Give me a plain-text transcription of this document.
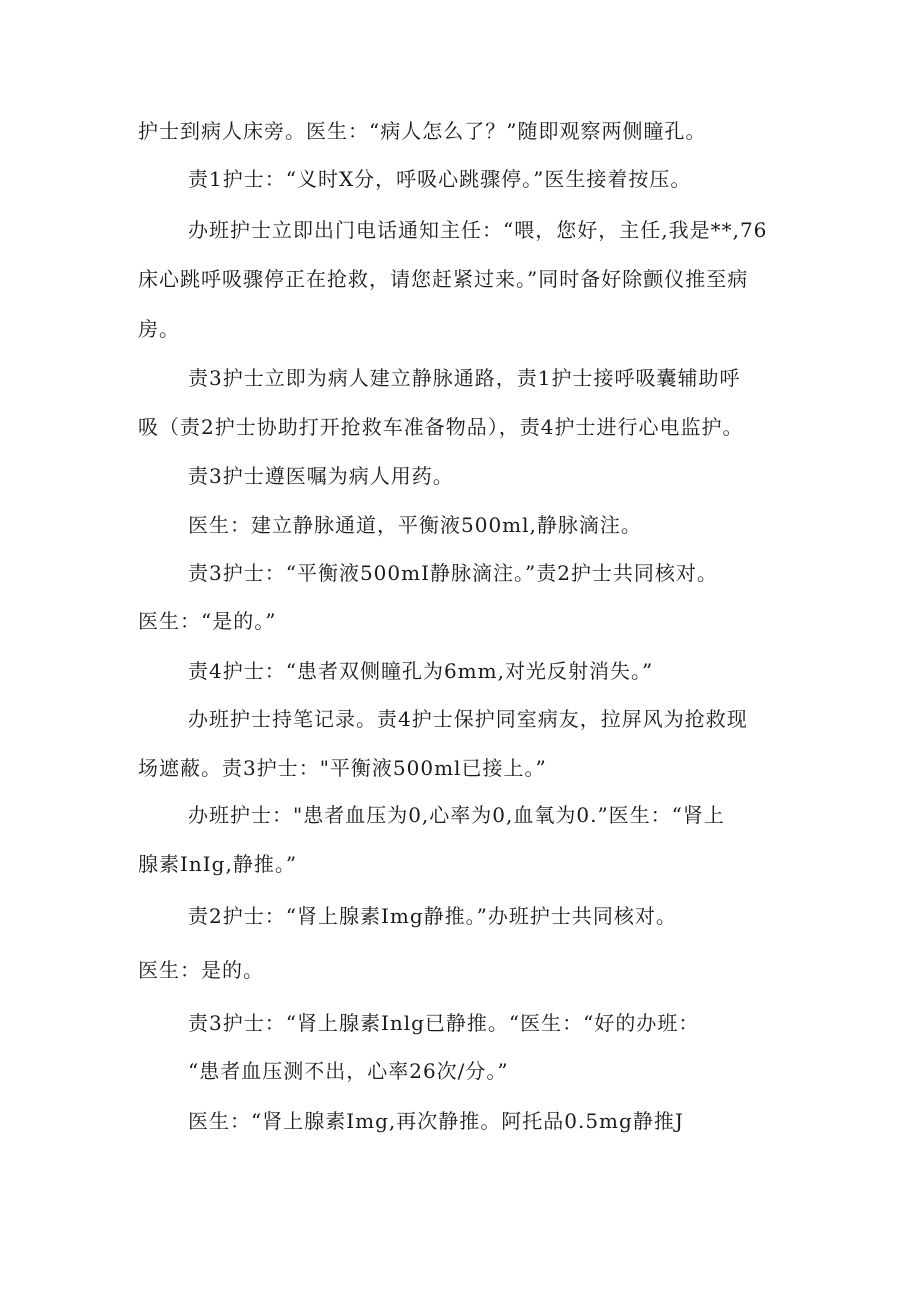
护士到病人床旁。医生：“病人怎么了？”随即观察两侧瞳孔。
责1护士：“义时X分，呼吸心跳骤停。”医生接着按压。
办班护士立即出门电话通知主任：“喂，您好，主任,我是**,76
床心跳呼吸骤停正在抢救，请您赶紧过来。”同时备好除颤仪推至病
房。
责3护士立即为病人建立静脉通路，责1护士接呼吸囊辅助呼
吸（责2护士协助打开抢救车准备物品），责4护士进行心电监护。
责3护士遵医嘱为病人用药。
医生：建立静脉通道，平衡液500ml,静脉滴注。
责3护士：“平衡液500mI静脉滴注。”责2护士共同核对。
医生：“是的。”
责4护士：“患者双侧瞳孔为6mm,对光反射消失。”
办班护士持笔记录。责4护士保护同室病友，拉屏风为抢救现
场遮蔽。责3护士："平衡液500ml已接上。”
办班护士："患者血压为0,心率为0,血氧为0.”医生：“肾上
腺素InIg,静推。”
责2护士：“肾上腺素Img静推。”办班护士共同核对。
医生：是的。
责3护士：“肾上腺素Inlg已静推。“医生：“好的办班：
“患者血压测不出，心率26次/分。”
医生：“肾上腺素Img,再次静推。阿托品0.5mg静推J
